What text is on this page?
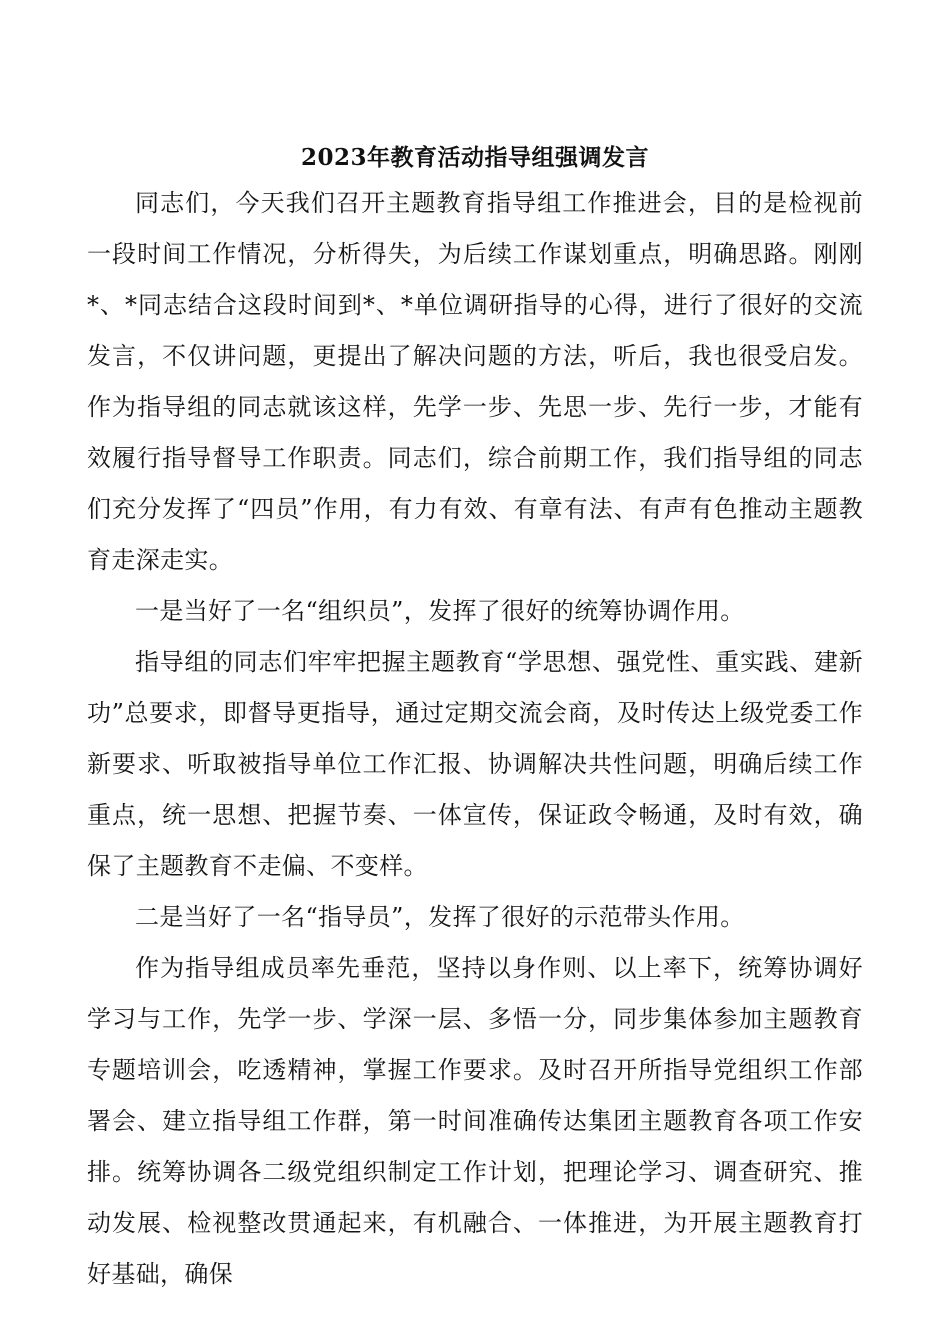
2023年教育活动指导组强调发言

同志们，今天我们召开主题教育指导组工作推进会，目的是检视前一段时间工作情况，分析得失，为后续工作谋划重点，明确思路。刚刚*、*同志结合这段时间到*、*单位调研指导的心得，进行了很好的交流发言，不仅讲问题，更提出了解决问题的方法，听后，我也很受启发。作为指导组的同志就该这样，先学一步、先思一步、先行一步，才能有效履行指导督导工作职责。同志们，综合前期工作，我们指导组的同志们充分发挥了“四员”作用，有力有效、有章有法、有声有色推动主题教育走深走实。

一是当好了一名“组织员”，发挥了很好的统筹协调作用。

指导组的同志们牢牢把握主题教育“学思想、强党性、重实践、建新功”总要求，即督导更指导，通过定期交流会商，及时传达上级党委工作新要求、听取被指导单位工作汇报、协调解决共性问题，明确后续工作重点，统一思想、把握节奏、一体宣传，保证政令畅通，及时有效，确保了主题教育不走偏、不变样。

二是当好了一名“指导员”，发挥了很好的示范带头作用。

作为指导组成员率先垂范，坚持以身作则、以上率下，统筹协调好学习与工作，先学一步、学深一层、多悟一分，同步集体参加主题教育专题培训会，吃透精神，掌握工作要求。及时召开所指导党组织工作部署会、建立指导组工作群，第一时间准确传达集团主题教育各项工作安排。统筹协调各二级党组织制定工作计划，把理论学习、调查研究、推动发展、检视整改贯通起来，有机融合、一体推进，为开展主题教育打好基础，确保
